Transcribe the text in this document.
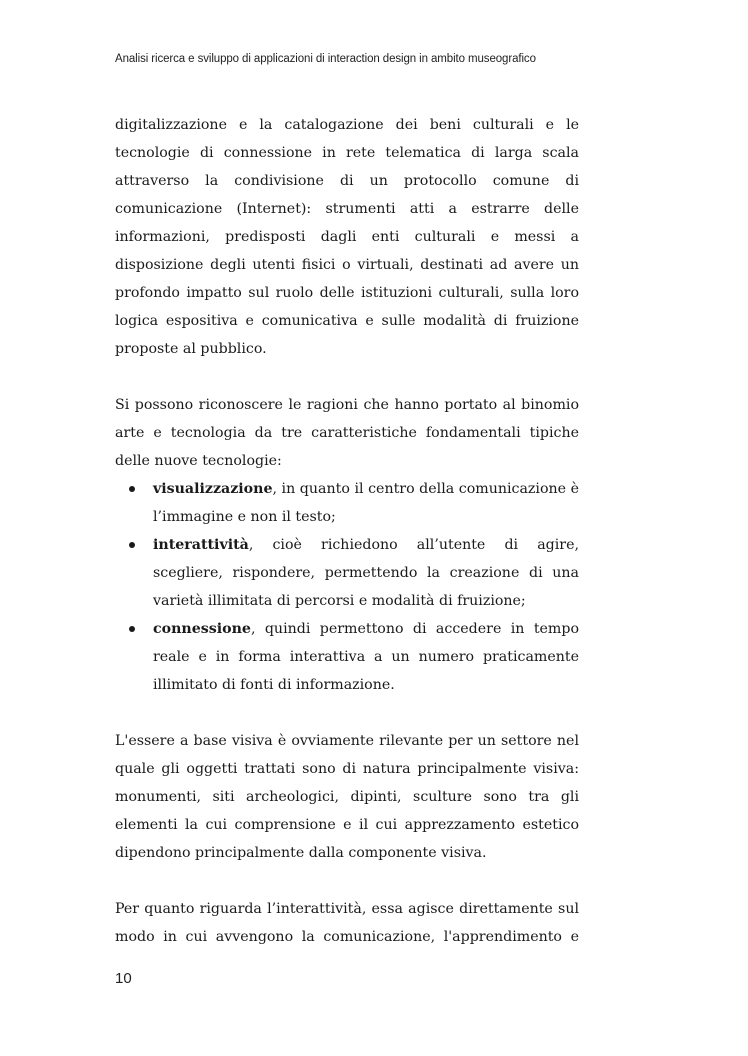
Analisi ricerca e sviluppo di applicazioni di interaction design in ambito museografico

digitalizzazione e la catalogazione dei beni culturali e le tecnologie di connessione in rete telematica di larga scala attraverso la condivisione di un protocollo comune di comunicazione (Internet): strumenti atti a estrarre delle informazioni, predisposti dagli enti culturali e messi a disposizione degli utenti fisici o virtuali, destinati ad avere un profondo impatto sul ruolo delle istituzioni culturali, sulla loro logica espositiva e comunicativa e sulle modalità di fruizione proposte al pubblico.

Si possono riconoscere le ragioni che hanno portato al binomio arte e tecnologia da tre caratteristiche fondamentali tipiche delle nuove tecnologie:

visualizzazione, in quanto il centro della comunicazione è l’immagine e non il testo;
interattività, cioè richiedono all’utente di agire, scegliere, rispondere, permettendo la creazione di una varietà illimitata di percorsi e modalità di fruizione;
connessione, quindi permettono di accedere in tempo reale e in forma interattiva a un numero praticamente illimitato di fonti di informazione.

L'essere a base visiva è ovviamente rilevante per un settore nel quale gli oggetti trattati sono di natura principalmente visiva: monumenti, siti archeologici, dipinti, sculture sono tra gli elementi la cui comprensione e il cui apprezzamento estetico dipendono principalmente dalla componente visiva.

Per quanto riguarda l’interattività, essa agisce direttamente sul modo in cui avvengono la comunicazione, l'apprendimento e

10
